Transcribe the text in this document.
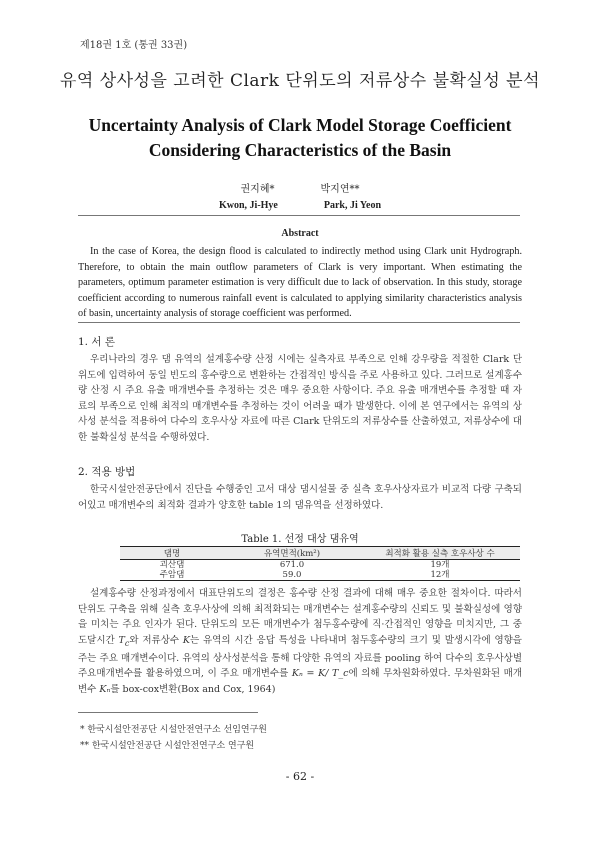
제18권 1호 (통권 33권)
유역 상사성을 고려한 Clark 단위도의 저류상수 불확실성 분석
Uncertainty Analysis of Clark Model Storage Coefficient
Considering Characteristics of the Basin
권지혜*	박지연**
Kwon, Ji-Hye	Park, Ji Yeon
Abstract
In the case of Korea, the design flood is calculated to indirectly method using Clark unit Hydrograph. Therefore, to obtain the main outflow parameters of Clark is very important. When estimating the parameters, optimum parameter estimation is very difficult due to lack of observation. In this study, storage coefficient according to numerous rainfall event is calculated to applying similarity characteristics analysis of basin, uncertainty analysis of storage coefficient was performed.
1. 서 론
우리나라의 경우 댐 유역의 설계홍수량 산정 시에는 실측자료 부족으로 인해 강우량을 적절한 Clark 단위도에 입력하여 동일 빈도의 홍수량으로 변환하는 간접적인 방식을 주로 사용하고 있다. 그러므로 설계홍수량 산정 시 주요 유출 매개변수를 추정하는 것은 매우 중요한 사항이다. 주요 유출 매개변수를 추정할 때 자료의 부족으로 인해 최적의 매개변수를 추정하는 것이 어려울 때가 발생한다. 이에 본 연구에서는 유역의 상사성 분석을 적용하여 다수의 호우사상 자료에 따른 Clark 단위도의 저류상수를 산출하였고, 저류상수에 대한 불확실성 분석을 수행하였다.
2. 적용 방법
한국시설안전공단에서 진단을 수행중인 고서 대상 댐시설물 중 실측 호우사상자료가 비교적 다량 구축되어있고 매개변수의 최적화 결과가 양호한 table 1의 댐유역을 선정하였다.
Table 1. 선정 대상 댐유역
댐명	유역면적(km²)	최적화 활용 실측 호우사상 수
괴산댐	671.0	19개
주암댐	59.0	12개
설계홍수량 산정과정에서 대표단위도의 결정은 홍수량 산정 결과에 대해 매우 중요한 절차이다. 따라서 단위도 구축을 위해 실측 호우사상에 의해 최적화되는 매개변수는 설계홍수량의 신뢰도 및 불확실성에 영향을 미치는 주요 인자가 된다. 단위도의 모든 매개변수가 첨두홍수량에 직·간접적인 영향을 미치지만, 그 중 도달시간 $T_c$와 저류상수 K는 유역의 시간 응답 특성을 나타내며 첨두홍수량의 크기 및 발생시각에 영향을 주는 주요 매개변수이다. 유역의 상사성분석을 통해 다양한 유역의 자료를 pooling 하여 다수의 호우사상별 주요매개변수를 활용하였으며, 이 주요 매개변수를 Kₙ = K/ T_c에 의해 무차원화하였다. 무차원화된 매개변수 Kₙ를 box-cox변환(Box and Cox, 1964)
* 한국시설안전공단 시설안전연구소 선임연구원
** 한국시설안전공단 시설안전연구소 연구원
- 62 -
